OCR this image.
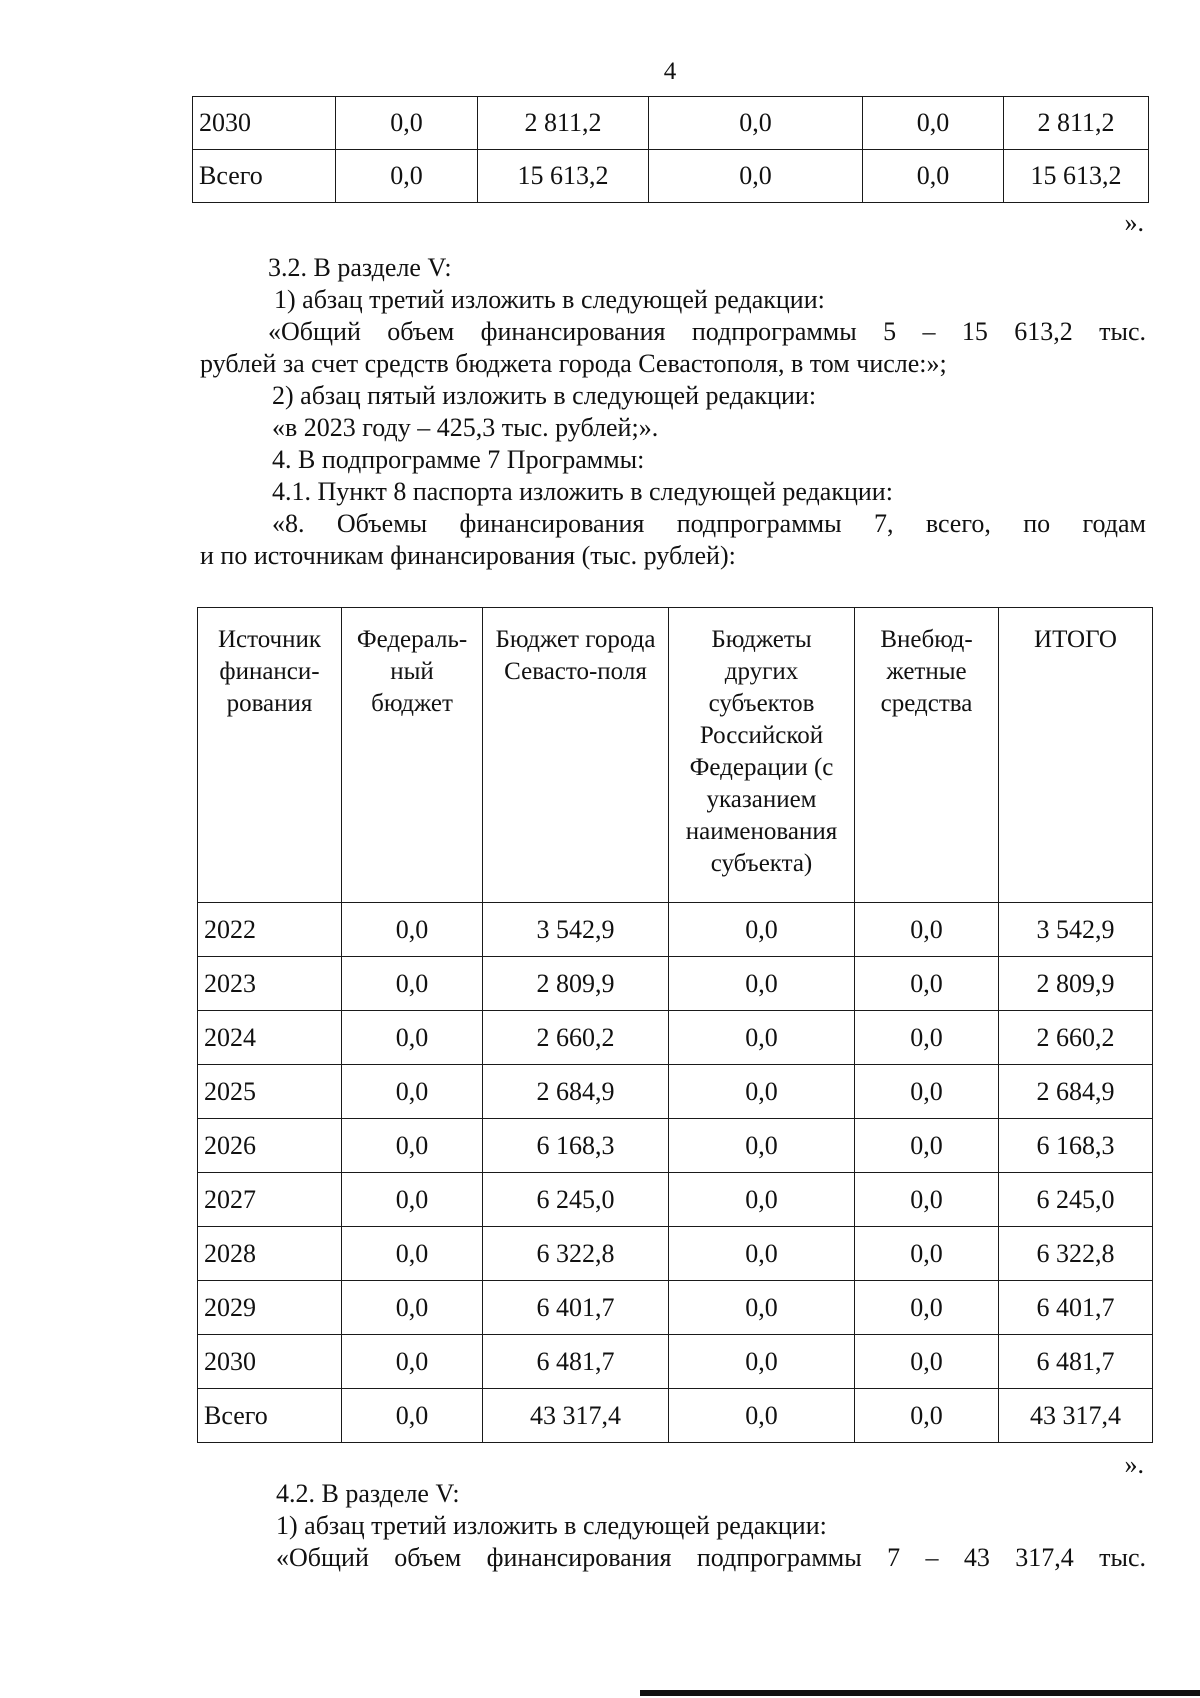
4
2030	0,0	2 811,2	0,0	0,0	2 811,2
Всего	0,0	15 613,2	0,0	0,0	15 613,2
».
3.2. В разделе V:
1) абзац третий изложить в следующей редакции:
«Общий объем финансирования подпрограммы 5 – 15 613,2 тыс.
рублей за счет средств бюджета города Севастополя, в том числе:»;
2) абзац пятый изложить в следующей редакции:
«в 2023 году – 425,3 тыс. рублей;».
4. В подпрограмме 7 Программы:
4.1. Пункт 8 паспорта изложить в следующей редакции:
«8. Объемы финансирования подпрограммы 7, всего, по годам
и по источникам финансирования (тыс. рублей):
Источник финанси-рования	Федераль-ный бюджет	Бюджет города Севасто-поля	Бюджеты других субъектов Российской Федерации (с указанием наименования субъекта)	Внебюд-жетные средства	ИТОГО
2022	0,0	3 542,9	0,0	0,0	3 542,9
2023	0,0	2 809,9	0,0	0,0	2 809,9
2024	0,0	2 660,2	0,0	0,0	2 660,2
2025	0,0	2 684,9	0,0	0,0	2 684,9
2026	0,0	6 168,3	0,0	0,0	6 168,3
2027	0,0	6 245,0	0,0	0,0	6 245,0
2028	0,0	6 322,8	0,0	0,0	6 322,8
2029	0,0	6 401,7	0,0	0,0	6 401,7
2030	0,0	6 481,7	0,0	0,0	6 481,7
Всего	0,0	43 317,4	0,0	0,0	43 317,4
».
4.2. В разделе V:
1) абзац третий изложить в следующей редакции:
«Общий объем финансирования подпрограммы 7 – 43 317,4 тыс.
